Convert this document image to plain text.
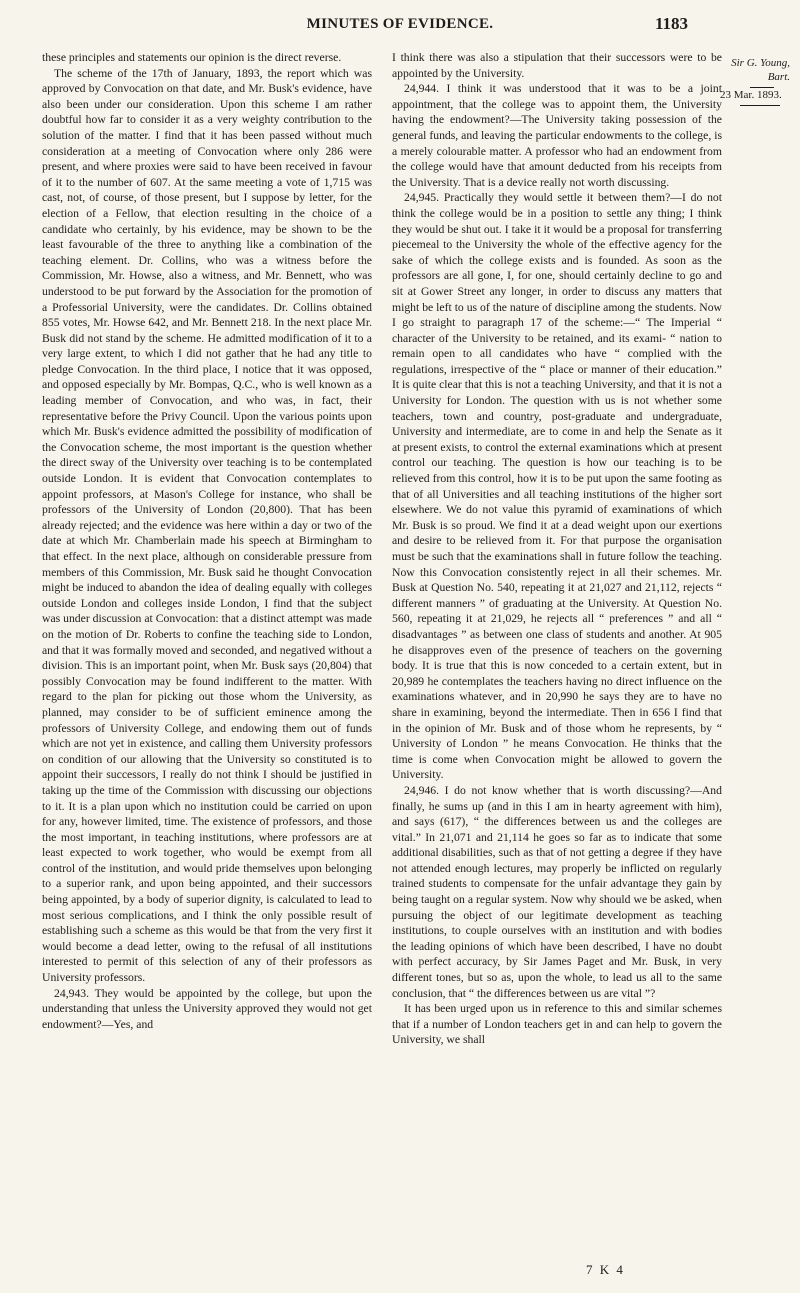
MINUTES OF EVIDENCE.	1183

these principles and statements our opinion is the direct reverse.

The scheme of the 17th of January, 1893, the report which was approved by Convocation on that date, and Mr. Busk's evidence, have also been under our consideration. Upon this scheme I am rather doubtful how far to consider it as a very weighty contribution to the solution of the matter. I find that it has been passed without much consideration at a meeting of Convocation where only 286 were present, and where proxies were said to have been received in favour of it to the number of 607. At the same meeting a vote of 1,715 was cast, not, of course, of those present, but I suppose by letter, for the election of a Fellow, that election resulting in the choice of a candidate who certainly, by his evidence, may be shown to be the least favourable of the three to anything like a combination of the teaching element. Dr. Collins, who was a witness before the Commission, Mr. Howse, also a witness, and Mr. Bennett, who was understood to be put forward by the Association for the promotion of a Professorial University, were the candidates. Dr. Collins obtained 855 votes, Mr. Howse 642, and Mr. Bennett 218. In the next place Mr. Busk did not stand by the scheme. He admitted modification of it to a very large extent, to which I did not gather that he had any title to pledge Convocation. In the third place, I notice that it was opposed, and opposed especially by Mr. Bompas, Q.C., who is well known as a leading member of Convocation, and who was, in fact, their representative before the Privy Council. Upon the various points upon which Mr. Busk's evidence admitted the possibility of modification of the Convocation scheme, the most important is the question whether the direct sway of the University over teaching is to be contemplated outside London. It is evident that Convocation contemplates to appoint professors, at Mason's College for instance, who shall be professors of the University of London (20,800). That has been already rejected; and the evidence was here within a day or two of the date at which Mr. Chamberlain made his speech at Birmingham to that effect. In the next place, although on considerable pressure from members of this Commission, Mr. Busk said he thought Convocation might be induced to abandon the idea of dealing equally with colleges outside London and colleges inside London, I find that the subject was under discussion at Convocation: that a distinct attempt was made on the motion of Dr. Roberts to confine the teaching side to London, and that it was formally moved and seconded, and negatived without a division. This is an important point, when Mr. Busk says (20,804) that possibly Convocation may be found indifferent to the matter. With regard to the plan for picking out those whom the University, as planned, may consider to be of sufficient eminence among the professors of University College, and endowing them out of funds which are not yet in existence, and calling them University professors on condition of our allowing that the University so constituted is to appoint their successors, I really do not think I should be justified in taking up the time of the Commission with discussing our objections to it. It is a plan upon which no institution could be carried on upon for any, however limited, time. The existence of professors, and those the most important, in teaching institutions, where professors are at least expected to work together, who would be exempt from all control of the institution, and would pride themselves upon belonging to a superior rank, and upon being appointed, and their successors being appointed, by a body of superior dignity, is calculated to lead to most serious complications, and I think the only possible result of establishing such a scheme as this would be that from the very first it would become a dead letter, owing to the refusal of all institutions interested to permit of this selection of any of their professors as University professors.

24,943. They would be appointed by the college, but upon the understanding that unless the University approved they would not get endowment?—Yes, and

I think there was also a stipulation that their successors were to be appointed by the University.

24,944. I think it was understood that it was to be a joint appointment, that the college was to appoint them, the University having the endowment?—The University taking possession of the general funds, and leaving the particular endowments to the college, is a merely colourable matter. A professor who had an endowment from the college would have that amount deducted from his receipts from the University. That is a device really not worth discussing.

24,945. Practically they would settle it between them?—I do not think the college would be in a position to settle any thing; I think they would be shut out. I take it it would be a proposal for transferring piecemeal to the University the whole of the effective agency for the sake of which the college exists and is founded. As soon as the professors are all gone, I, for one, should certainly decline to go and sit at Gower Street any longer, in order to discuss any matters that might be left to us of the nature of discipline among the students. Now I go straight to paragraph 17 of the scheme:—“ The Imperial “ character of the University to be retained, and its exami- “ nation to remain open to all candidates who have “ complied with the regulations, irrespective of the “ place or manner of their education.” It is quite clear that this is not a teaching University, and that it is not a University for London. The question with us is not whether some teachers, town and country, post-graduate and undergraduate, University and intermediate, are to come in and help the Senate as it at present exists, to control the external examinations which at present control our teaching. The question is how our teaching is to be relieved from this control, how it is to be put upon the same footing as that of all Universities and all teaching institutions of the higher sort elsewhere. We do not value this pyramid of examinations of which Mr. Busk is so proud. We find it at a dead weight upon our exertions and desire to be relieved from it. For that purpose the organisation must be such that the examinations shall in future follow the teaching. Now this Convocation consistently reject in all their schemes. Mr. Busk at Question No. 540, repeating it at 21,027 and 21,112, rejects “ different manners ” of graduating at the University. At Question No. 560, repeating it at 21,029, he rejects all “ preferences ” and all “ disadvantages ” as between one class of students and another. At 905 he disapproves even of the presence of teachers on the governing body. It is true that this is now conceded to a certain extent, but in 20,989 he contemplates the teachers having no direct influence on the examinations whatever, and in 20,990 he says they are to have no share in examining, beyond the intermediate. Then in 656 I find that in the opinion of Mr. Busk and of those whom he represents, by “ University of London ” he means Convocation. He thinks that the time is come when Convocation might be allowed to govern the University.

24,946. I do not know whether that is worth discussing?—And finally, he sums up (and in this I am in hearty agreement with him), and says (617), “ the differences between us and the colleges are vital.” In 21,071 and 21,114 he goes so far as to indicate that some additional disabilities, such as that of not getting a degree if they have not attended enough lectures, may properly be inflicted on regularly trained students to compensate for the unfair advantage they gain by being taught on a regular system. Now why should we be asked, when pursuing the object of our legitimate development as teaching institutions, to couple ourselves with an institution and with bodies the leading opinions of which have been described, I have no doubt with perfect accuracy, by Sir James Paget and Mr. Busk, in very different tones, but so as, upon the whole, to lead us all to the same conclusion, that “ the differences between us are vital ”?

It has been urged upon us in reference to this and similar schemes that if a number of London teachers get in and can help to govern the University, we shall

Sir G. Young,
Bart.
23 Mar. 1893.
7 K 4
